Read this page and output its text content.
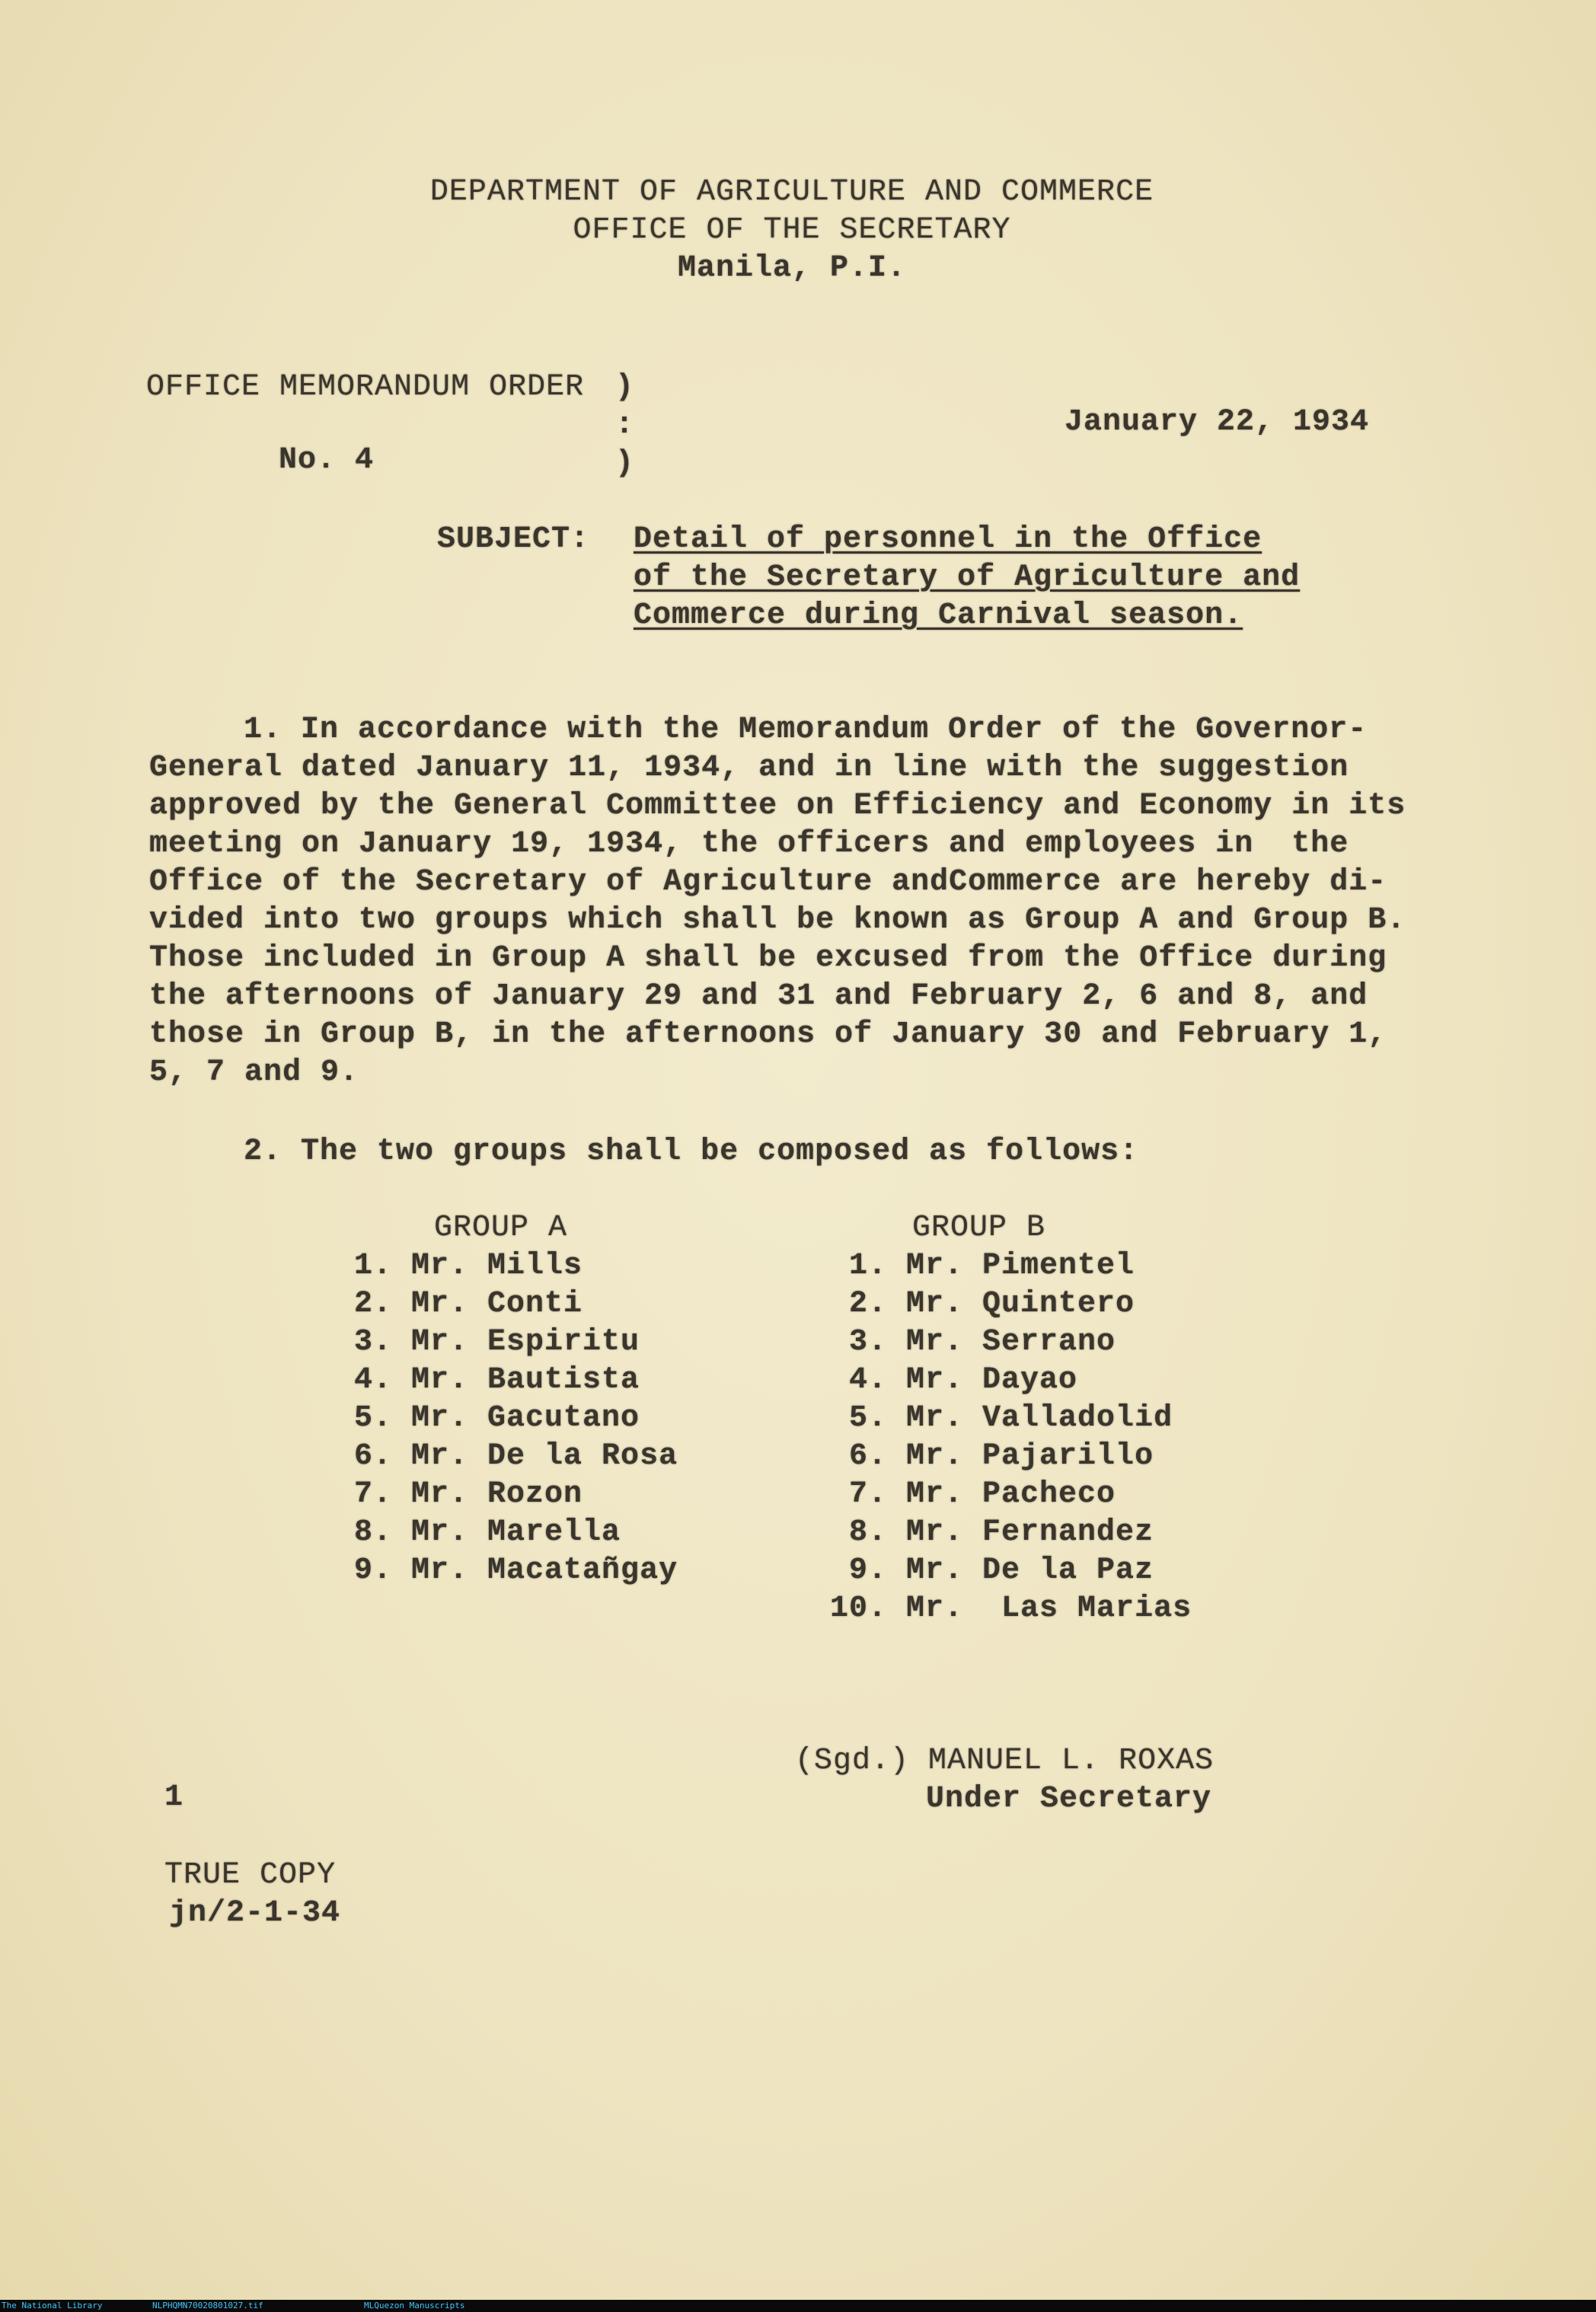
DEPARTMENT OF AGRICULTURE AND COMMERCE
OFFICE OF THE SECRETARY
Manila, P.I.
OFFICE MEMORANDUM ORDER )
:
)
No. 4
January 22, 1934
SUBJECT: Detail of personnel in the Office
of the Secretary of Agriculture and
Commerce during Carnival season.
1. In accordance with the Memorandum Order of the Governor-
General dated January 11, 1934, and in line with the suggestion
approved by the General Committee on Efficiency and Economy in its
meeting on January 19, 1934, the officers and employees in  the
Office of the Secretary of Agriculture andCommerce are hereby di-
vided into two groups which shall be known as Group A and Group B.
Those included in Group A shall be excused from the Office during
the afternoons of January 29 and 31 and February 2, 6 and 8, and
those in Group B, in the afternoons of January 30 and February 1,
5, 7 and 9.
2. The two groups shall be composed as follows:
GROUP A
1. Mr. Mills
2. Mr. Conti
3. Mr. Espiritu
4. Mr. Bautista
5. Mr. Gacutano
6. Mr. De la Rosa
7. Mr. Rozon
8. Mr. Marella
9. Mr. Macatañgay
GROUP B
1. Mr. Pimentel
2. Mr. Quintero
3. Mr. Serrano
4. Mr. Dayao
5. Mr. Valladolid
6. Mr. Pajarillo
7. Mr. Pacheco
8. Mr. Fernandez
9. Mr. De la Paz
10. Mr.  Las Marias
(Sgd.) MANUEL L. ROXAS
Under Secretary
1
TRUE COPY
jn/2-1-34
The National Library	NLPHQMN70020801027.tif	MLQuezon Manuscripts
